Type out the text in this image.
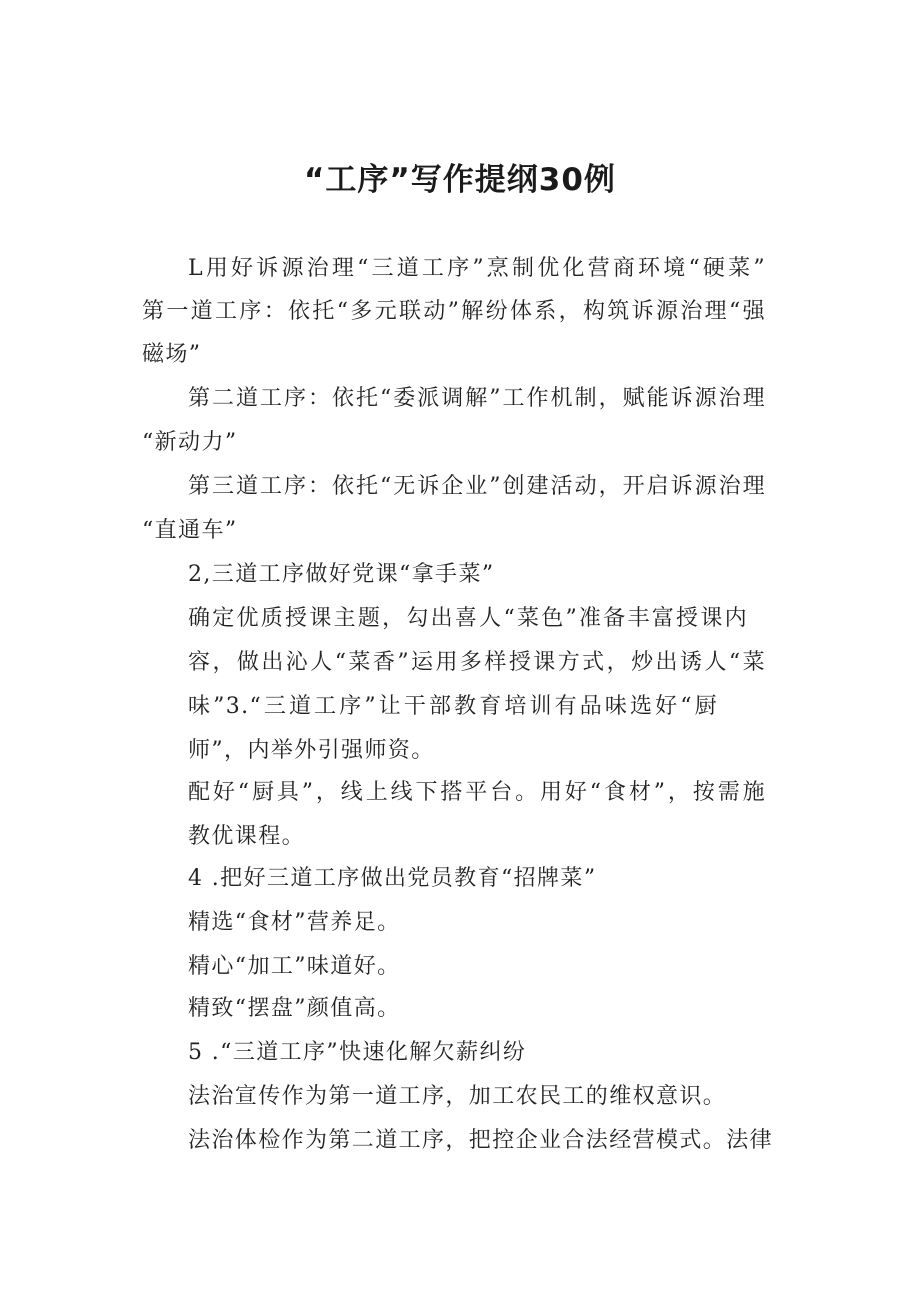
“工序”写作提纲30例
L用好诉源治理“三道工序”烹制优化营商环境“硬菜”
第一道工序：依托“多元联动”解纷体系，构筑诉源治理“强
磁场”
第二道工序：依托“委派调解”工作机制，赋能诉源治理
“新动力”
第三道工序：依托“无诉企业”创建活动，开启诉源治理
“直通车”
2,三道工序做好党课“拿手菜”
确定优质授课主题，勾出喜人“菜色”准备丰富授课内
容，做出沁人“菜香”运用多样授课方式，炒出诱人“菜
味”3.“三道工序”让干部教育培训有品味选好“厨
师”，内举外引强师资。
配好“厨具”，线上线下搭平台。用好“食材”，按需施
教优课程。
4 .把好三道工序做出党员教育“招牌菜”
精选“食材”营养足。
精心“加工”味道好。
精致“摆盘”颜值高。
5 .“三道工序”快速化解欠薪纠纷
法治宣传作为第一道工序，加工农民工的维权意识。
法治体检作为第二道工序，把控企业合法经营模式。法律
